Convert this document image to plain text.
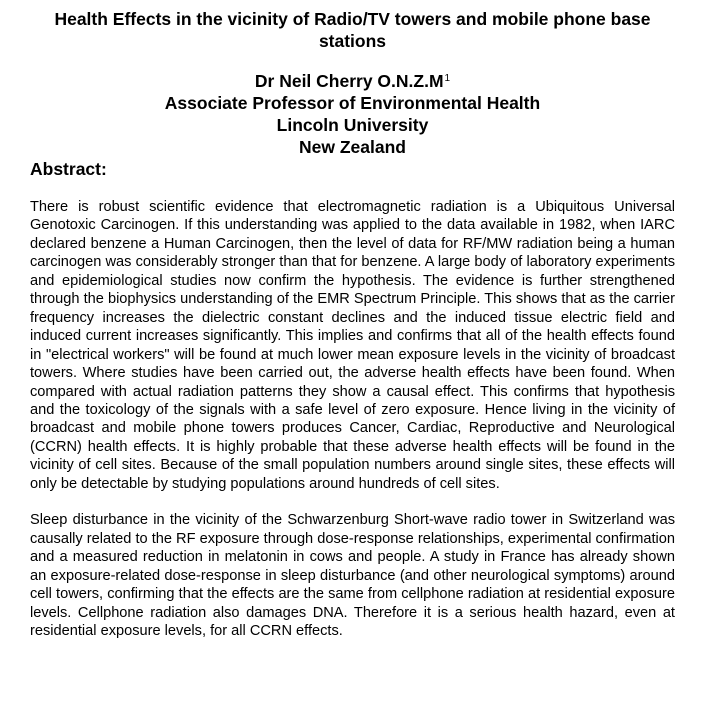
Health Effects in the vicinity of Radio/TV towers and mobile phone base stations
Dr Neil Cherry $O.N.Z.M^1$
Associate Professor of Environmental Health
Lincoln University
New Zealand
Abstract:

There is robust scientific evidence that electromagnetic radiation is a Ubiquitous Universal Genotoxic Carcinogen. If this understanding was applied to the data available in 1982, when IARC declared benzene a Human Carcinogen, then the level of data for RF/MW radiation being a human carcinogen was considerably stronger than that for benzene. A large body of laboratory experiments and epidemiological studies now confirm the hypothesis. The evidence is further strengthened through the biophysics understanding of the EMR Spectrum Principle. This shows that as the carrier frequency increases the dielectric constant declines and the induced tissue electric field and induced current increases significantly. This implies and confirms that all of the health effects found in "electrical workers" will be found at much lower mean exposure levels in the vicinity of broadcast towers. Where studies have been carried out, the adverse health effects have been found. When compared with actual radiation patterns they show a causal effect. This confirms that hypothesis and the toxicology of the signals with a safe level of zero exposure. Hence living in the vicinity of broadcast and mobile phone towers produces Cancer, Cardiac, Reproductive and Neurological (CCRN) health effects. It is highly probable that these adverse health effects will be found in the vicinity of cell sites. Because of the small population numbers around single sites, these effects will only be detectable by studying populations around hundreds of cell sites.

Sleep disturbance in the vicinity of the Schwarzenburg Short-wave radio tower in Switzerland was causally related to the RF exposure through dose-response relationships, experimental confirmation and a measured reduction in melatonin in cows and people. A study in France has already shown an exposure-related dose-response in sleep disturbance (and other neurological symptoms) around cell towers, confirming that the effects are the same from cellphone radiation at residential exposure levels. Cellphone radiation also damages DNA. Therefore it is a serious health hazard, even at residential exposure levels, for all CCRN effects.
